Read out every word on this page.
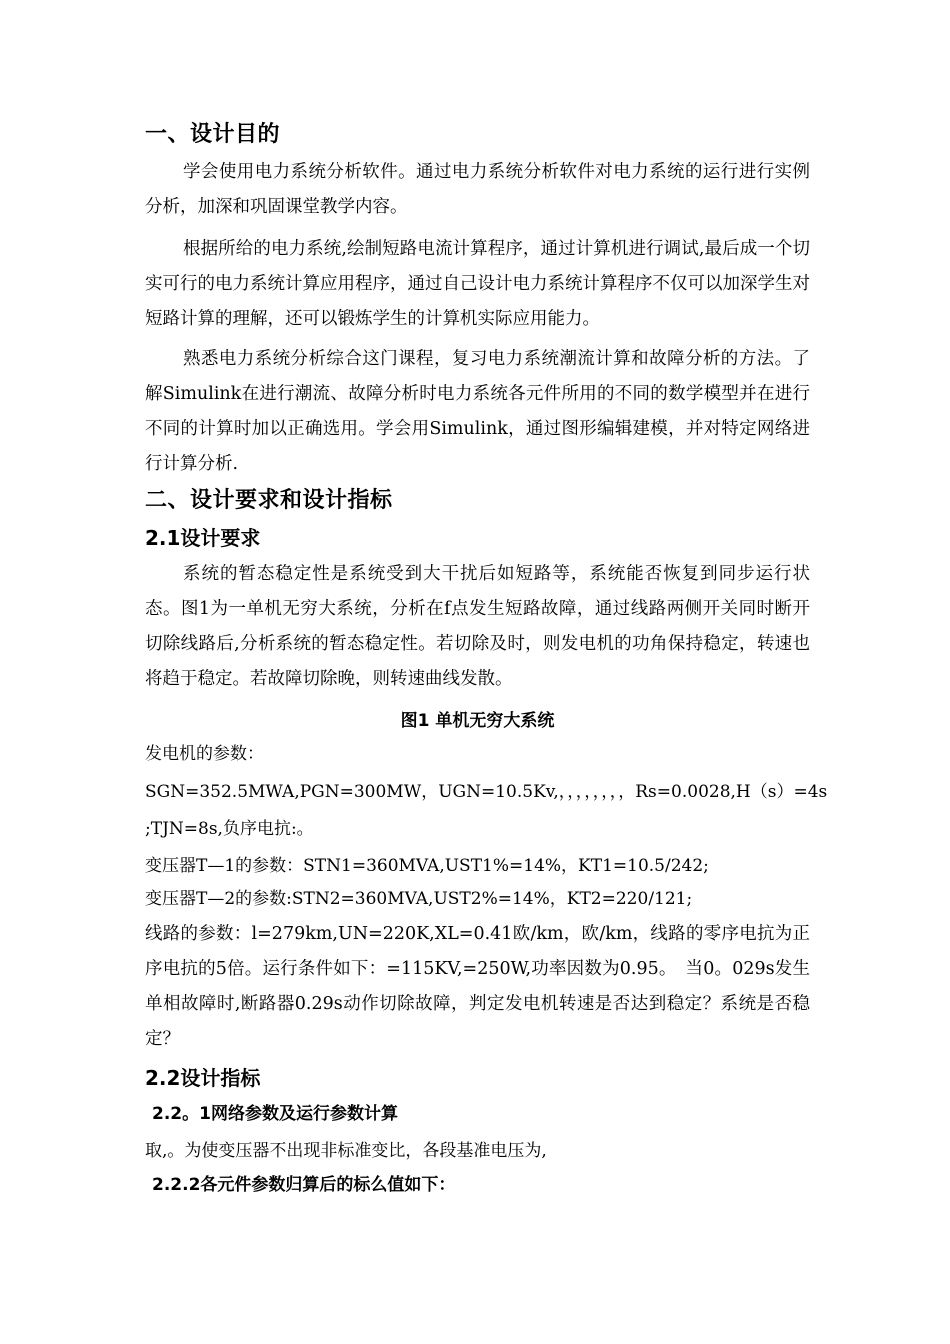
一、设计目的

学会使用电力系统分析软件。通过电力系统分析软件对电力系统的运行进行实例分析，加深和巩固课堂教学内容。

根据所给的电力系统,绘制短路电流计算程序，通过计算机进行调试,最后成一个切实可行的电力系统计算应用程序，通过自己设计电力系统计算程序不仅可以加深学生对短路计算的理解，还可以锻炼学生的计算机实际应用能力。

熟悉电力系统分析综合这门课程，复习电力系统潮流计算和故障分析的方法。了解Simulink在进行潮流、故障分析时电力系统各元件所用的不同的数学模型并在进行不同的计算时加以正确选用。学会用Simulink，通过图形编辑建模，并对特定网络进行计算分析.

二、设计要求和设计指标
2.1设计要求

系统的暂态稳定性是系统受到大干扰后如短路等，系统能否恢复到同步运行状态。图1为一单机无穷大系统，分析在f点发生短路故障，通过线路两侧开关同时断开切除线路后,分析系统的暂态稳定性。若切除及时，则发电机的功角保持稳定，转速也将趋于稳定。若故障切除晚，则转速曲线发散。

图1 单机无穷大系统
发电机的参数：
SGN=352.5MWA,PGN=300MW，UGN=10.5Kv,，，，，，，，，Rs=0.0028,H（s）=4s
;TJN=8s,负序电抗:。
变压器T—1的参数：STN1=360MVA,UST1%=14%，KT1=10.5/242;
变压器T—2的参数:STN2=360MVA,UST2%=14%，KT2=220/121;

线路的参数：l=279km,UN=220K,XL=0.41欧/km，欧/km，线路的零序电抗为正序电抗的5倍。运行条件如下：=115KV,=250W,功率因数为0.95。　当0。029s发生单相故障时,断路器0.29s动作切除故障，判定发电机转速是否达到稳定？系统是否稳定？

2.2设计指标
2.2。1网络参数及运行参数计算
取,。为使变压器不出现非标准变比，各段基准电压为,
2.2.2各元件参数归算后的标么值如下：
